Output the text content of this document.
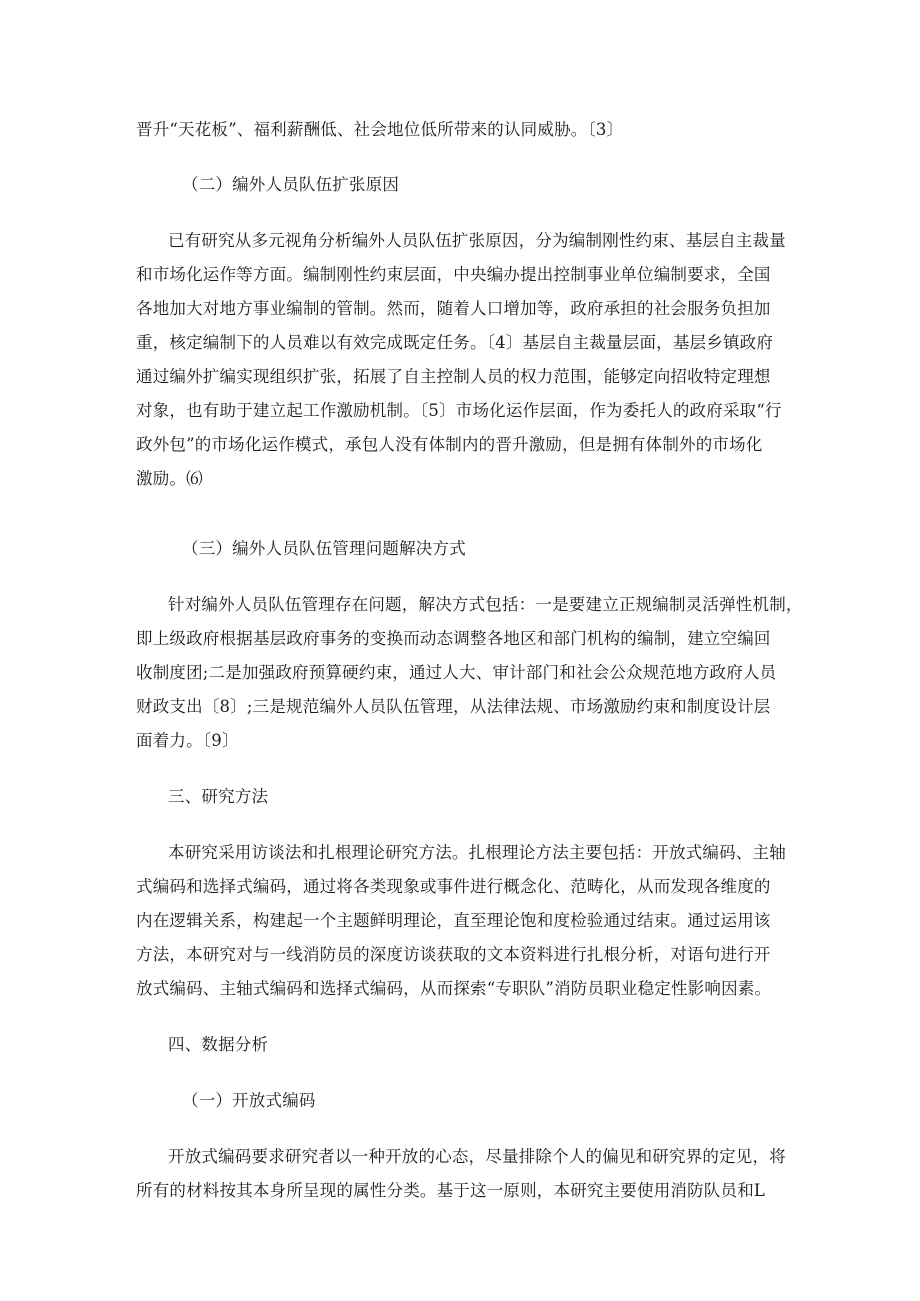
晋升“天花板”、福利薪酬低、社会地位低所带来的认同威胁。〔3〕
（二）编外人员队伍扩张原因
已有研究从多元视角分析编外人员队伍扩张原因，分为编制刚性约束、基层自主裁量
和市场化运作等方面。编制刚性约束层面，中央编办提出控制事业单位编制要求，全国
各地加大对地方事业编制的管制。然而，随着人口增加等，政府承担的社会服务负担加
重，核定编制下的人员难以有效完成既定任务。〔4〕基层自主裁量层面，基层乡镇政府
通过编外扩编实现组织扩张，拓展了自主控制人员的权力范围，能够定向招收特定理想
对象，也有助于建立起工作激励机制。〔5〕市场化运作层面，作为委托人的政府采取“行
政外包”的市场化运作模式，承包人没有体制内的晋升激励，但是拥有体制外的市场化
激励。⑹
（三）编外人员队伍管理问题解决方式
针对编外人员队伍管理存在问题，解决方式包括：一是要建立正规编制灵活弹性机制，
即上级政府根据基层政府事务的变换而动态调整各地区和部门机构的编制，建立空编回
收制度团;二是加强政府预算硬约束，通过人大、审计部门和社会公众规范地方政府人员
财政支出〔8〕;三是规范编外人员队伍管理，从法律法规、市场激励约束和制度设计层
面着力。〔9〕
三、研究方法
本研究采用访谈法和扎根理论研究方法。扎根理论方法主要包括：开放式编码、主轴
式编码和选择式编码，通过将各类现象或事件进行概念化、范畴化，从而发现各维度的
内在逻辑关系，构建起一个主题鲜明理论，直至理论饱和度检验通过结束。通过运用该
方法，本研究对与一线消防员的深度访谈获取的文本资料进行扎根分析，对语句进行开
放式编码、主轴式编码和选择式编码，从而探索“专职队”消防员职业稳定性影响因素。
四、数据分析
（一）开放式编码
开放式编码要求研究者以一种开放的心态，尽量排除个人的偏见和研究界的定见，将
所有的材料按其本身所呈现的属性分类。基于这一原则，本研究主要使用消防队员和L
